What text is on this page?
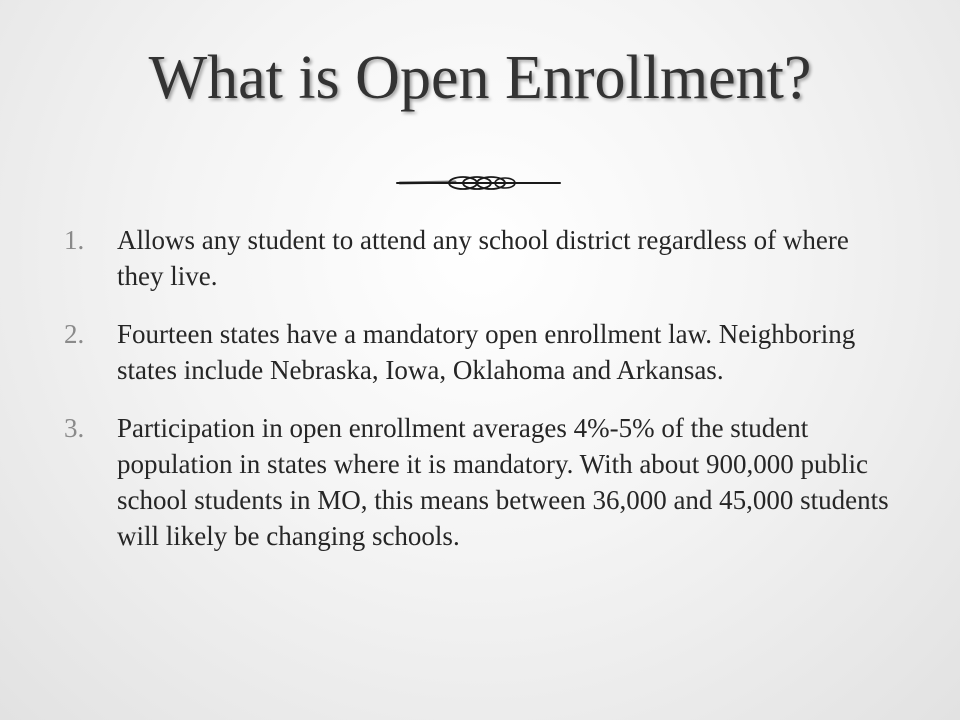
What is Open Enrollment?
1. Allows any student to attend any school district regardless of where they live.
2. Fourteen states have a mandatory open enrollment law. Neighboring states include Nebraska, Iowa, Oklahoma and Arkansas.
3. Participation in open enrollment averages 4%-5% of the student population in states where it is mandatory. With about 900,000 public school students in MO, this means between 36,000 and 45,000 students will likely be changing schools.
